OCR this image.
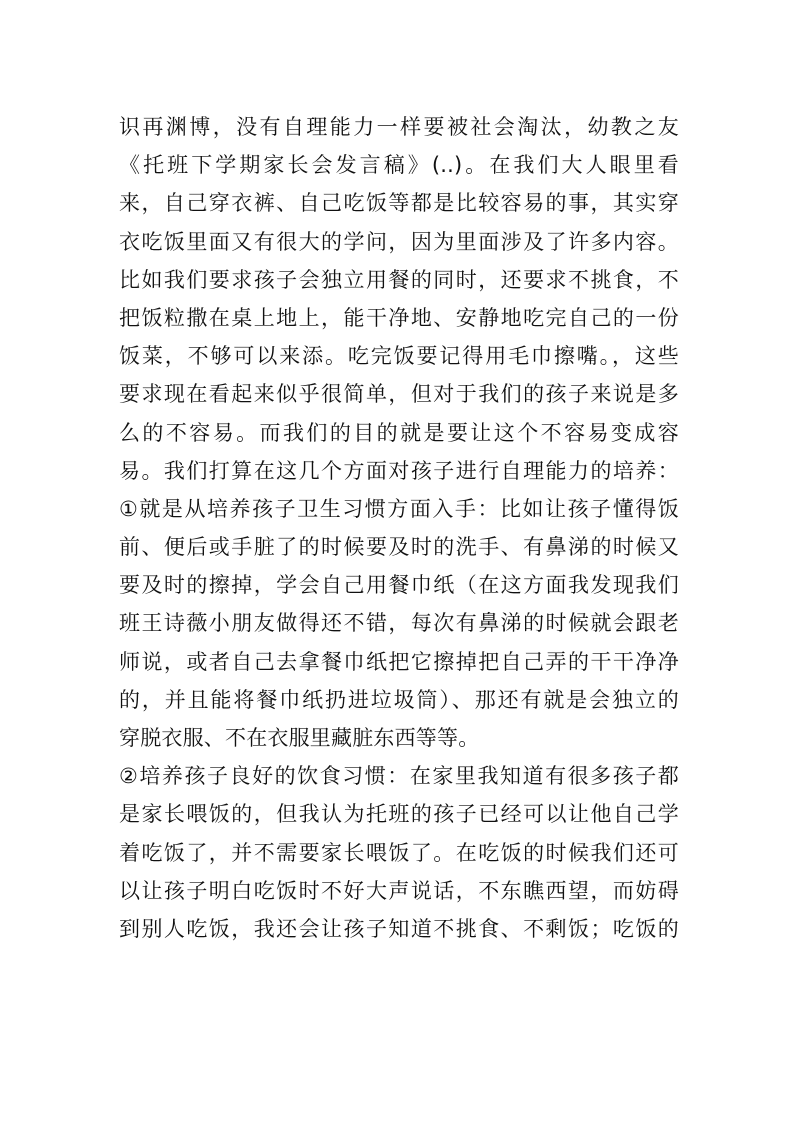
识再渊博，没有自理能力一样要被社会淘汰，幼教之友
《托班下学期家长会发言稿》(..)。在我们大人眼里看
来，自己穿衣裤、自己吃饭等都是比较容易的事，其实穿
衣吃饭里面又有很大的学问，因为里面涉及了许多内容。
比如我们要求孩子会独立用餐的同时，还要求不挑食，不
把饭粒撒在桌上地上，能干净地、安静地吃完自己的一份
饭菜，不够可以来添。吃完饭要记得用毛巾擦嘴。，这些
要求现在看起来似乎很简单，但对于我们的孩子来说是多
么的不容易。而我们的目的就是要让这个不容易变成容
易。我们打算在这几个方面对孩子进行自理能力的培养：
①就是从培养孩子卫生习惯方面入手：比如让孩子懂得饭
前、便后或手脏了的时候要及时的洗手、有鼻涕的时候又
要及时的擦掉，学会自己用餐巾纸（在这方面我发现我们
班王诗薇小朋友做得还不错，每次有鼻涕的时候就会跟老
师说，或者自己去拿餐巾纸把它擦掉把自己弄的干干净净
的，并且能将餐巾纸扔进垃圾筒）、那还有就是会独立的
穿脱衣服、不在衣服里藏脏东西等等。
②培养孩子良好的饮食习惯：在家里我知道有很多孩子都
是家长喂饭的，但我认为托班的孩子已经可以让他自己学
着吃饭了，并不需要家长喂饭了。在吃饭的时候我们还可
以让孩子明白吃饭时不好大声说话，不东瞧西望，而妨碍
到别人吃饭，我还会让孩子知道不挑食、不剩饭；吃饭的
